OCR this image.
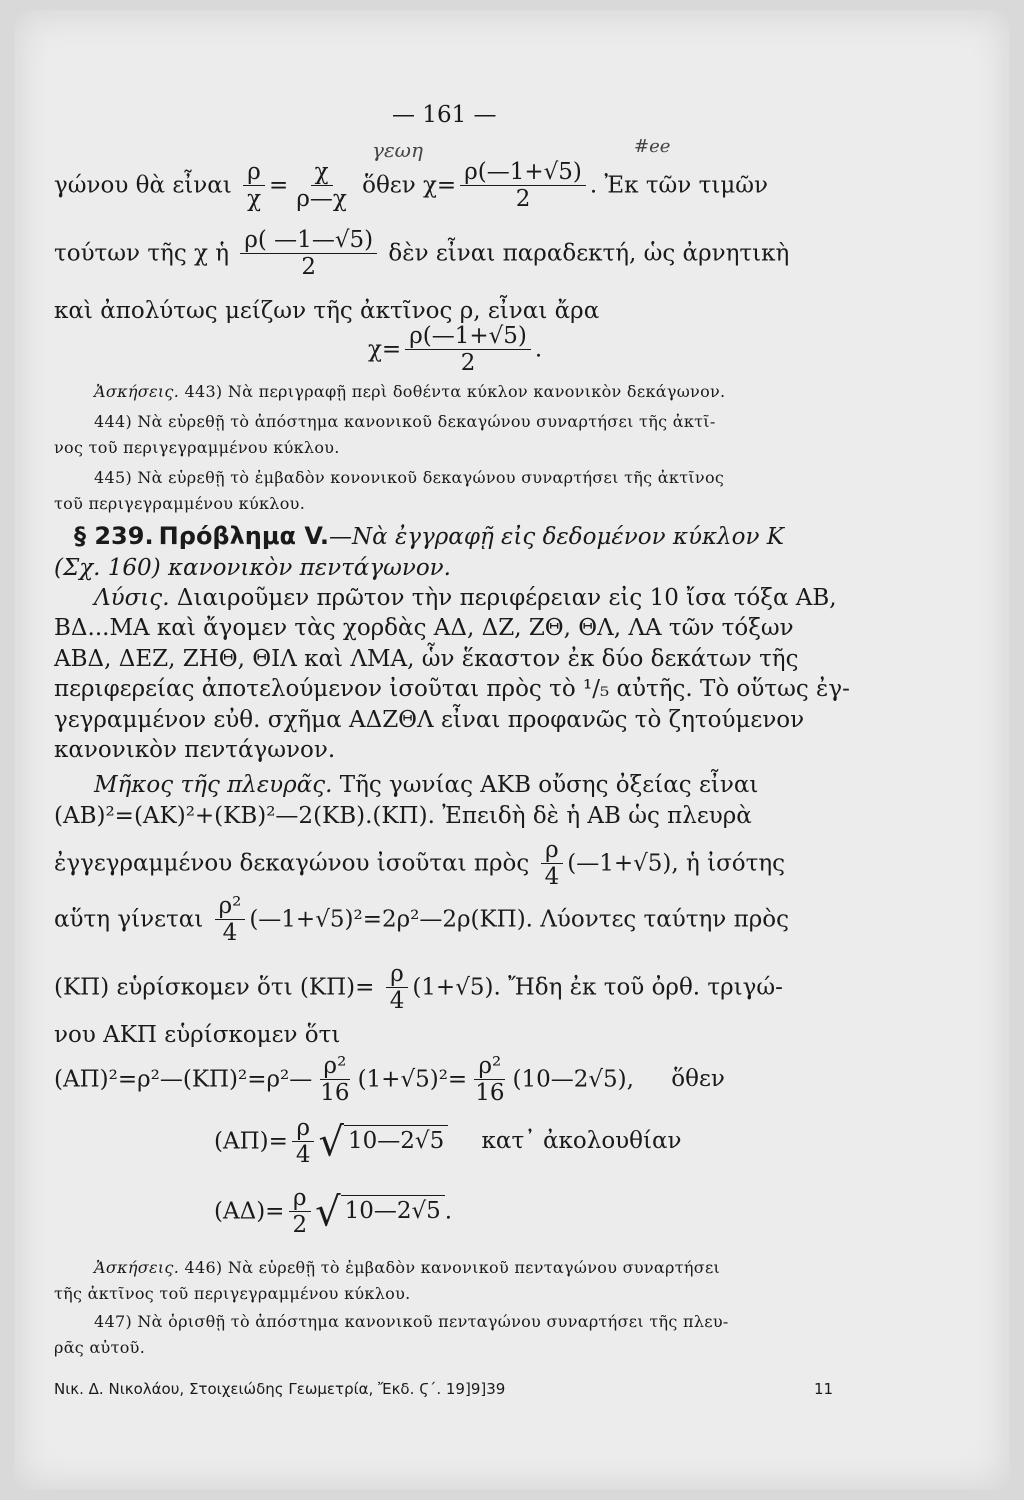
— 161 —
γεωη	#ee
γώνου θὰ εἶναι $\frac{\rho}{\chi} = \frac{\chi}{\rho—\chi}$ ὅθεν $\chi= \frac{\rho(—1+√5)}{2}$ . Ἐκ τῶν τιμῶν
τούτων τῆς χ ἡ $\frac{\rho( —1—√5)}{2}$ δὲν εἶναι παραδεκτή, ὡς ἀρνητικὴ
καὶ ἀπολύτως μείζων τῆς ἀκτῖνος ρ, εἶναι ἄρα
$\chi= \frac{\rho(—1+√5)}{2}$ .
Ἀσκήσεις. 443) Νὰ περιγραφῇ περὶ δοθέντα κύκλον κανονικὸν δεκάγωνον.
444) Νὰ εὑρεθῇ τὸ ἀπόστημα κανονικοῦ δεκαγώνου συναρτήσει τῆς ἀκτῖ-
νος τοῦ περιγεγραμμένου κύκλου.
445) Νὰ εὑρεθῇ τὸ ἐμβαδὸν κονονικοῦ δεκαγώνου συναρτήσει τῆς ἀκτῖνος
τοῦ περιγεγραμμένου κύκλου.
§ 239. Πρόβλημα V.—Νὰ ἐγγραφῇ εἰς δεδομένον κύκλον Κ
(Σχ. 160) κανονικὸν πεντάγωνον.
Λύσις. Διαιροῦμεν πρῶτον τὴν περιφέρειαν εἰς 10 ἴσα τόξα ΑΒ,
ΒΔ...ΜΑ καὶ ἄγομεν τὰς χορδὰς ΑΔ, ΔΖ, ΖΘ, ΘΛ, ΛΑ τῶν τόξων
ΑΒΔ, ΔΕΖ, ΖΗΘ, ΘΙΛ καὶ ΛΜΑ, ὧν ἕκαστον ἐκ δύο δεκάτων τῆς
περιφερείας ἀποτελούμενον ἰσοῦται πρὸς τὸ ¹/₅ αὐτῆς. Τὸ οὕτως ἐγ-
γεγραμμένον εὐθ. σχῆμα ΑΔΖΘΛ εἶναι προφανῶς τὸ ζητούμενον
κανονικὸν πεντάγωνον.
Μῆκος τῆς πλευρᾶς. Τῆς γωνίας ΑΚΒ οὔσης ὀξείας εἶναι
(ΑΒ)²=(ΑΚ)²+(ΚΒ)²—2(ΚΒ).(ΚΠ). Ἐπειδὴ δὲ ἡ ΑΒ ὡς πλευρὰ
ἐγγεγραμμένου δεκαγώνου ἰσοῦται πρὸς $\frac{\rho}{4}$ (—1+√5), ἡ ἰσότης
αὕτη γίνεται $\frac{\text{ρ²}}{4}$ (—1+√5)²=2ρ²—2ρ(ΚΠ). Λύοντες ταύτην πρὸς
(ΚΠ) εὑρίσκομεν ὅτι $(K\Pi)= \frac{\rho}{4} (1+√5)$. Ἤδη ἐκ τοῦ ὀρθ. τριγώ-
νου ΑΚΠ εὑρίσκομεν ὅτι
(ΑΠ)²=ρ²—(ΚΠ)²=ρ²— $\frac{\text{ρ²}}{16} (1+√5)^2= \frac{\text{ρ²}}{16}$ (10—2√5), ὅθεν
$(A\Pi)= \frac{\rho}{4}$ √ 10—2√5 κατ᾽ ἀκολουθίαν
$(A\Delta)= \frac{\rho}{2}$ √ 10—2√5 .
Ἀσκήσεις. 446) Νὰ εὑρεθῇ τὸ ἐμβαδὸν κανονικοῦ πενταγώνου συναρτήσει
τῆς ἀκτῖνος τοῦ περιγεγραμμένου κύκλου.
447) Νὰ ὁρισθῇ τὸ ἀπόστημα κανονικοῦ πενταγώνου συναρτήσει τῆς πλευ-
ρᾶς αὐτοῦ.
Νικ. Δ. Νικολάου, Στοιχειώδης Γεωμετρία, Ἔκδ. Ϛ΄. 19]9]39	11
